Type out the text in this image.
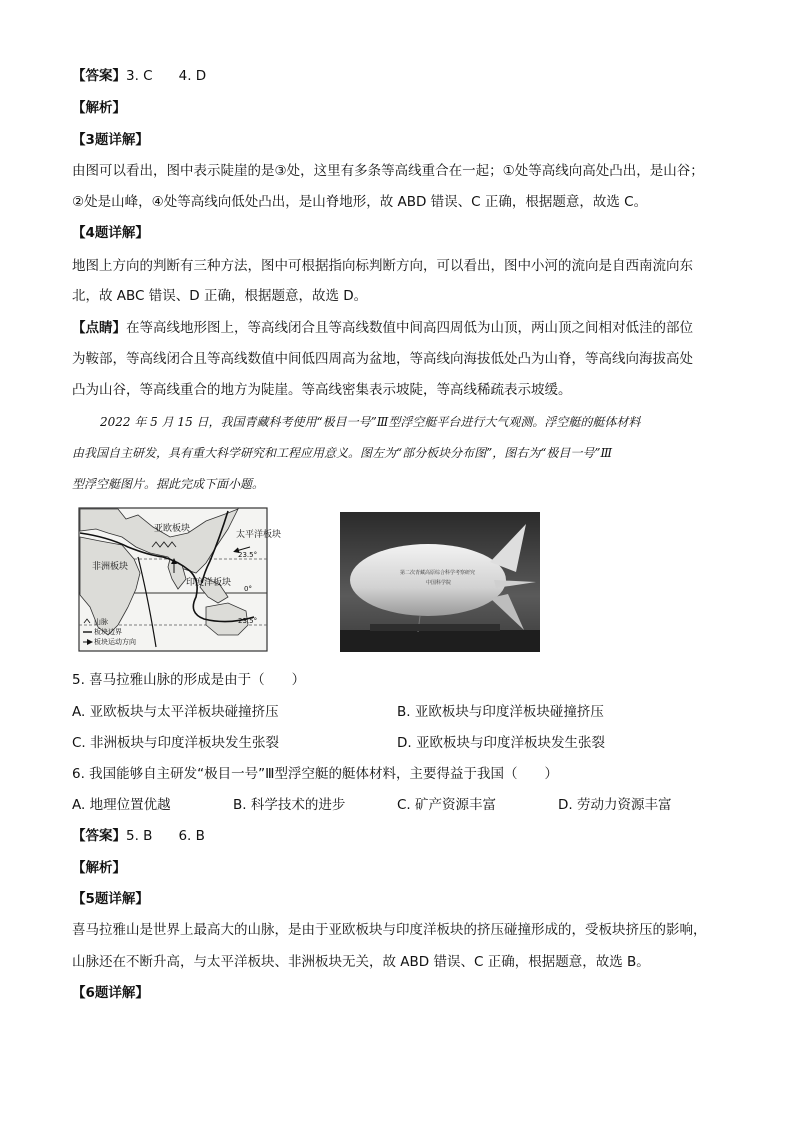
【答案】3. C 4. D
【解析】
【3题详解】
由图可以看出，图中表示陡崖的是③处，这里有多条等高线重合在一起；①处等高线向高处凸出，是山谷；
②处是山峰，④处等高线向低处凸出，是山脊地形，故 ABD 错误、C 正确，根据题意，故选 C。
【4题详解】
地图上方向的判断有三种方法，图中可根据指向标判断方向，可以看出，图中小河的流向是自西南流向东
北，故 ABC 错误、D 正确，根据题意，故选 D。
【点睛】在等高线地形图上，等高线闭合且等高线数值中间高四周低为山顶，两山顶之间相对低洼的部位
为鞍部，等高线闭合且等高线数值中间低四周高为盆地，等高线向海拔低处凸为山脊，等高线向海拔高处
凸为山谷，等高线重合的地方为陡崖。等高线密集表示坡陡，等高线稀疏表示坡缓。
2022 年 5 月 15 日，我国青藏科考使用“极目一号”Ⅲ型浮空艇平台进行大气观测。浮空艇的艇体材料
由我国自主研发，具有重大科学研究和工程应用意义。图左为“部分板块分布图”，图右为“极目一号”Ⅲ
型浮空艇图片。据此完成下面小题。
亚欧板块
非洲板块
印度洋板块
太平洋板块
23.5°
0°
23.5°
山脉
板块边界
板块运动方向
第二次青藏高原综合科学考察研究
中国科学院
5. 喜马拉雅山脉的形成是由于（　　）
A. 亚欧板块与太平洋板块碰撞挤压	B. 亚欧板块与印度洋板块碰撞挤压
C. 非洲板块与印度洋板块发生张裂	D. 亚欧板块与印度洋板块发生张裂
6. 我国能够自主研发“极目一号”Ⅲ型浮空艇的艇体材料，主要得益于我国（　　）
A. 地理位置优越	B. 科学技术的进步	C. 矿产资源丰富	D. 劳动力资源丰富
【答案】5. B 6. B
【解析】
【5题详解】
喜马拉雅山是世界上最高大的山脉，是由于亚欧板块与印度洋板块的挤压碰撞形成的，受板块挤压的影响，
山脉还在不断升高，与太平洋板块、非洲板块无关，故 ABD 错误、C 正确，根据题意，故选 B。
【6题详解】
